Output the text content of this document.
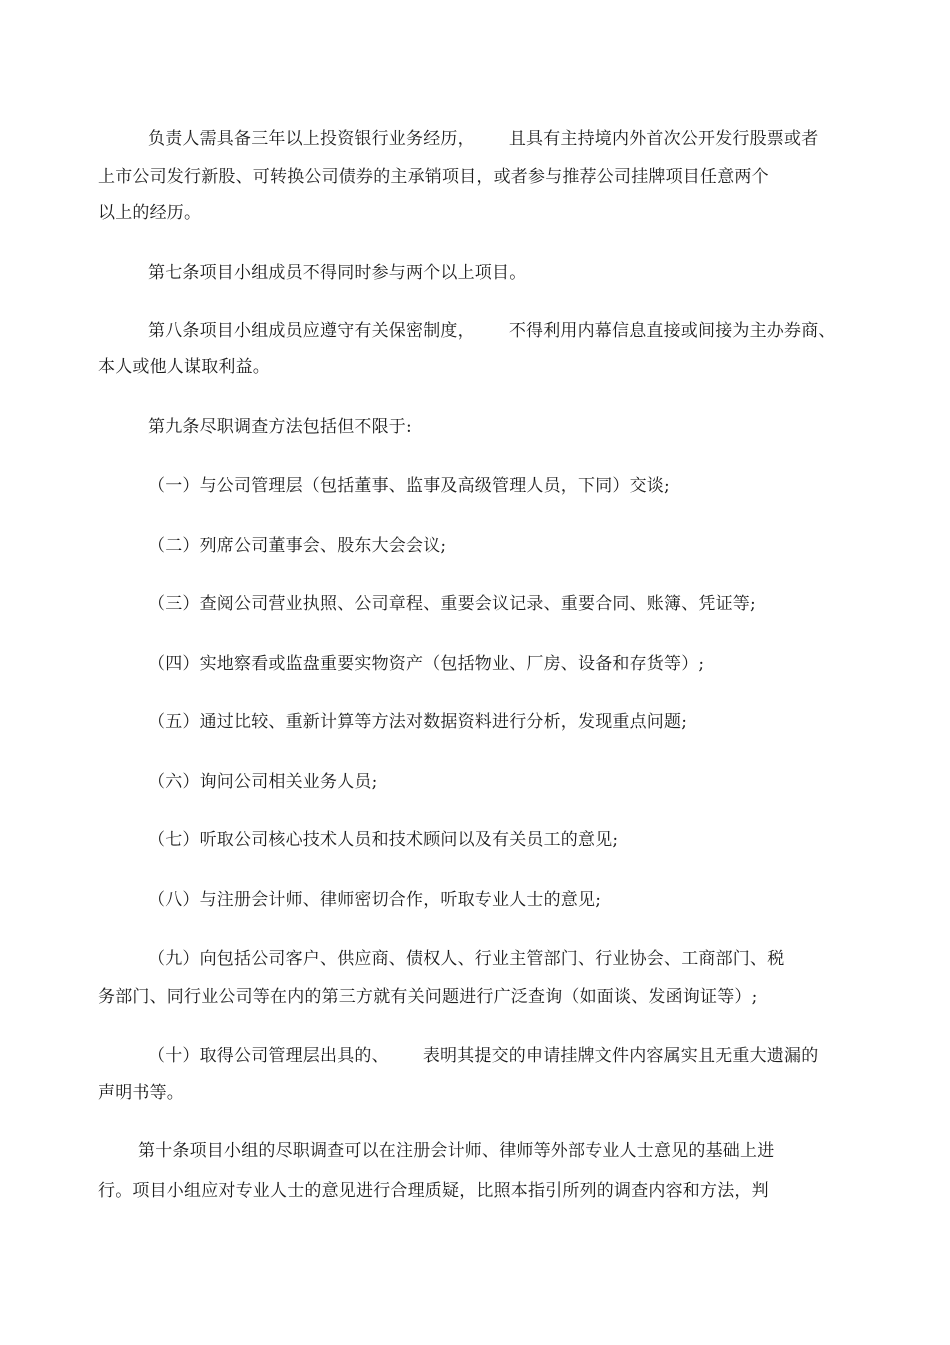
负责人需具备三年以上投资银行业务经历， 且具有主持境内外首次公开发行股票或者
上市公司发行新股、可转换公司债券的主承销项目，或者参与推荐公司挂牌项目任意两个
以上的经历。
第七条项目小组成员不得同时参与两个以上项目。
第八条项目小组成员应遵守有关保密制度， 不得利用内幕信息直接或间接为主办券商、
本人或他人谋取利益。
第九条尽职调查方法包括但不限于:
（一）与公司管理层（包括董事、监事及高级管理人员，下同）交谈;
（二）列席公司董事会、股东大会会议;
（三）查阅公司营业执照、公司章程、重要会议记录、重要合同、账簿、凭证等;
（四）实地察看或监盘重要实物资产（包括物业、厂房、设备和存货等）;
（五）通过比较、重新计算等方法对数据资料进行分析，发现重点问题;
（六）询问公司相关业务人员;
（七）听取公司核心技术人员和技术顾问以及有关员工的意见;
（八）与注册会计师、律师密切合作，听取专业人士的意见;
（九）向包括公司客户、供应商、债权人、行业主管部门、行业协会、工商部门、税
务部门、同行业公司等在内的第三方就有关问题进行广泛查询（如面谈、发函询证等）;
（十）取得公司管理层出具的、 表明其提交的申请挂牌文件内容属实且无重大遗漏的
声明书等。
第十条项目小组的尽职调查可以在注册会计师、律师等外部专业人士意见的基础上进
行。项目小组应对专业人士的意见进行合理质疑，比照本指引所列的调查内容和方法，判
